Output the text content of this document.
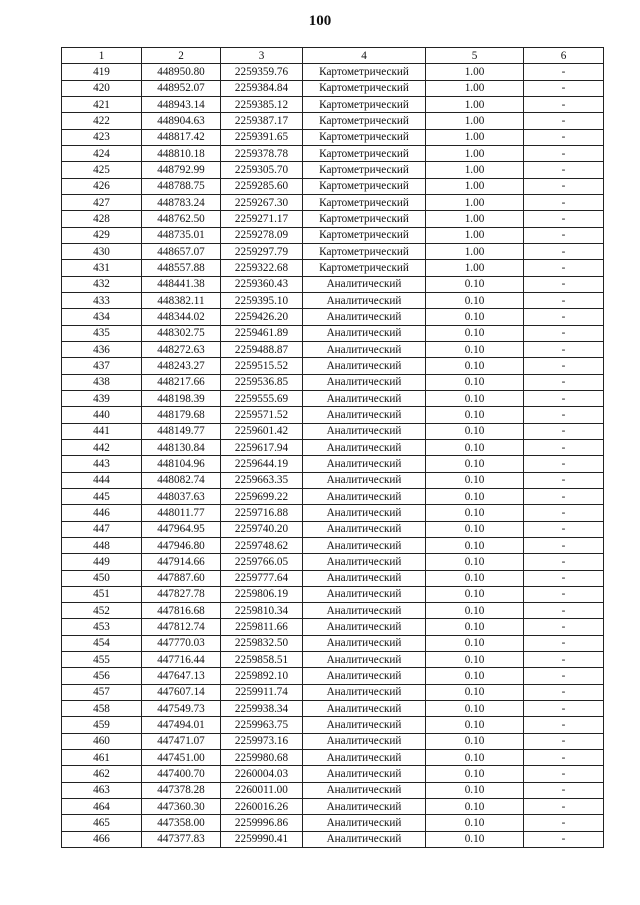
100
1	2	3	4	5	6
419	448950.80	2259359.76	Картометрический	1.00	-
420	448952.07	2259384.84	Картометрический	1.00	-
421	448943.14	2259385.12	Картометрический	1.00	-
422	448904.63	2259387.17	Картометрический	1.00	-
423	448817.42	2259391.65	Картометрический	1.00	-
424	448810.18	2259378.78	Картометрический	1.00	-
425	448792.99	2259305.70	Картометрический	1.00	-
426	448788.75	2259285.60	Картометрический	1.00	-
427	448783.24	2259267.30	Картометрический	1.00	-
428	448762.50	2259271.17	Картометрический	1.00	-
429	448735.01	2259278.09	Картометрический	1.00	-
430	448657.07	2259297.79	Картометрический	1.00	-
431	448557.88	2259322.68	Картометрический	1.00	-
432	448441.38	2259360.43	Аналитический	0.10	-
433	448382.11	2259395.10	Аналитический	0.10	-
434	448344.02	2259426.20	Аналитический	0.10	-
435	448302.75	2259461.89	Аналитический	0.10	-
436	448272.63	2259488.87	Аналитический	0.10	-
437	448243.27	2259515.52	Аналитический	0.10	-
438	448217.66	2259536.85	Аналитический	0.10	-
439	448198.39	2259555.69	Аналитический	0.10	-
440	448179.68	2259571.52	Аналитический	0.10	-
441	448149.77	2259601.42	Аналитический	0.10	-
442	448130.84	2259617.94	Аналитический	0.10	-
443	448104.96	2259644.19	Аналитический	0.10	-
444	448082.74	2259663.35	Аналитический	0.10	-
445	448037.63	2259699.22	Аналитический	0.10	-
446	448011.77	2259716.88	Аналитический	0.10	-
447	447964.95	2259740.20	Аналитический	0.10	-
448	447946.80	2259748.62	Аналитический	0.10	-
449	447914.66	2259766.05	Аналитический	0.10	-
450	447887.60	2259777.64	Аналитический	0.10	-
451	447827.78	2259806.19	Аналитический	0.10	-
452	447816.68	2259810.34	Аналитический	0.10	-
453	447812.74	2259811.66	Аналитический	0.10	-
454	447770.03	2259832.50	Аналитический	0.10	-
455	447716.44	2259858.51	Аналитический	0.10	-
456	447647.13	2259892.10	Аналитический	0.10	-
457	447607.14	2259911.74	Аналитический	0.10	-
458	447549.73	2259938.34	Аналитический	0.10	-
459	447494.01	2259963.75	Аналитический	0.10	-
460	447471.07	2259973.16	Аналитический	0.10	-
461	447451.00	2259980.68	Аналитический	0.10	-
462	447400.70	2260004.03	Аналитический	0.10	-
463	447378.28	2260011.00	Аналитический	0.10	-
464	447360.30	2260016.26	Аналитический	0.10	-
465	447358.00	2259996.86	Аналитический	0.10	-
466	447377.83	2259990.41	Аналитический	0.10	-
